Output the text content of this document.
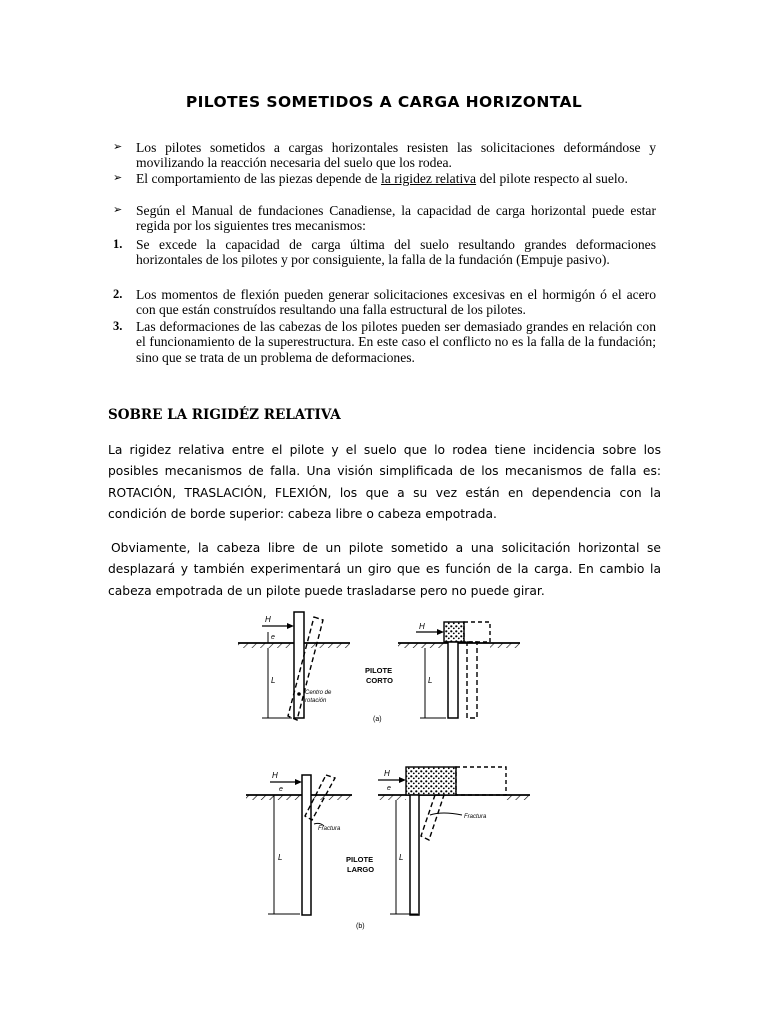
PILOTES SOMETIDOS A CARGA HORIZONTAL
➢	Los pilotes sometidos a cargas horizontales resisten las solicitaciones deformándose y movilizando la reacción necesaria del suelo que los rodea.
➢	El comportamiento de las piezas depende de la rigidez relativa del pilote respecto al suelo.
➢	Según el Manual de fundaciones Canadiense, la capacidad de carga horizontal puede estar regida por los siguientes tres mecanismos:
1.	Se excede la capacidad de carga última del suelo resultando grandes deformaciones horizontales de los pilotes y por consiguiente, la falla de la fundación (Empuje pasivo).
2.	Los momentos de flexión pueden generar solicitaciones excesivas en el hormigón ó el acero con que están construídos resultando una falla estructural de los pilotes.
3.	Las deformaciones de las cabezas de los pilotes pueden ser demasiado grandes en relación con el funcionamiento de la superestructura. En este caso el conflicto no es la falla de la fundación; sino que se trata de un problema de deformaciones.
SOBRE LA RIGIDÉZ RELATIVA
La rigidez relativa entre el pilote y el suelo que lo rodea tiene incidencia sobre los posibles mecanismos de falla. Una visión simplificada de los mecanismos de falla es: ROTACIÓN, TRASLACIÓN, FLEXIÓN, los que a su vez están en dependencia con la condición de borde superior: cabeza libre o cabeza empotrada.
Obviamente, la cabeza libre de un pilote sometido a una solicitación horizontal se desplazará y también experimentará un giro que es función de la carga. En cambio la cabeza empotrada de un pilote puede trasladarse pero no puede girar.
H
e
L
Centro de
rotación
H
L
PILOTE
CORTO
(a)
H
e
L
Fractura
H
e
L
Fractura
PILOTE
LARGO
(b)
